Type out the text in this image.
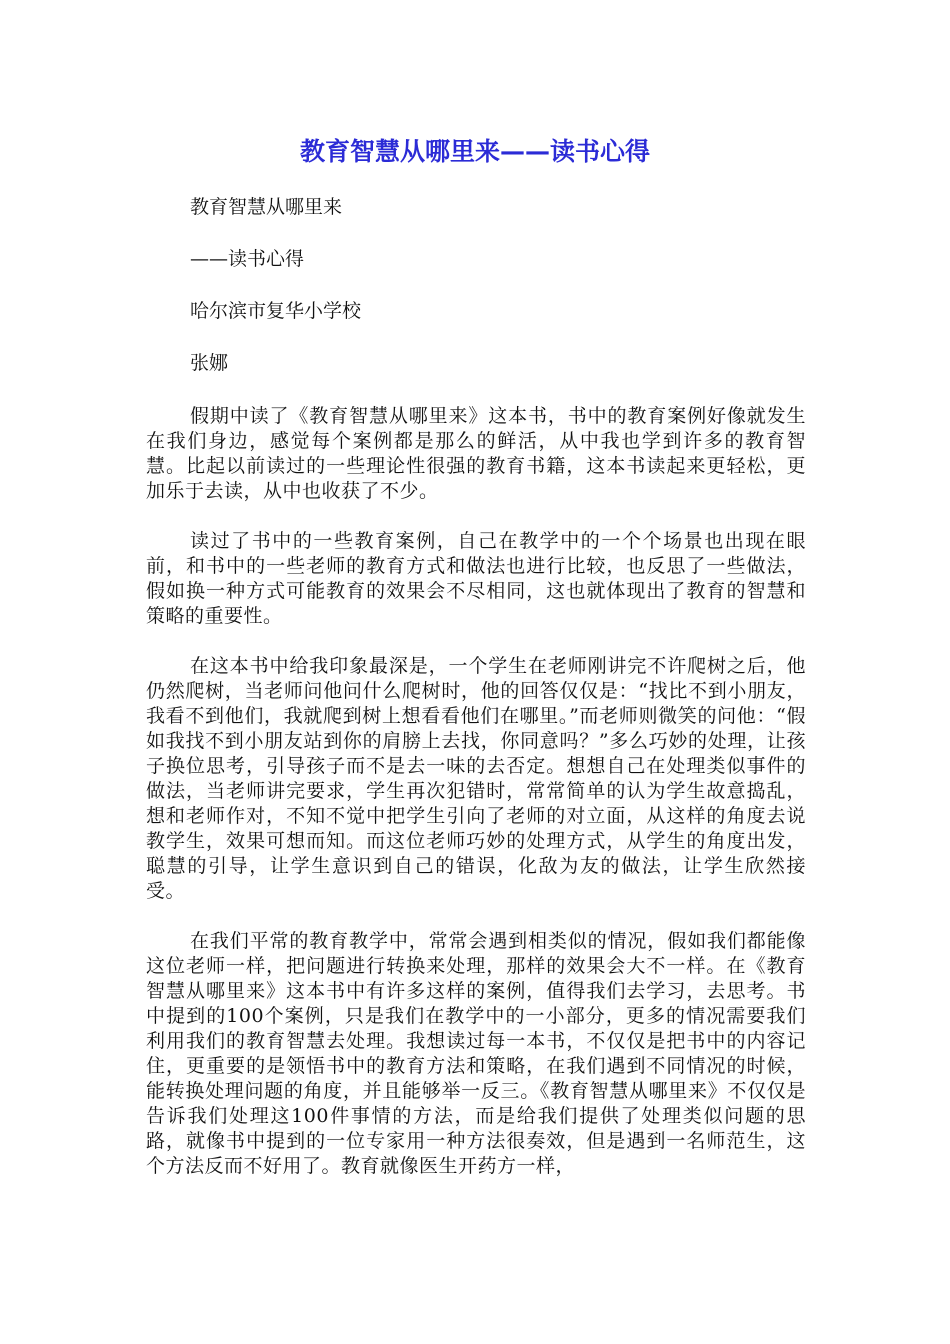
教育智慧从哪里来——读书心得

教育智慧从哪里来

——读书心得

哈尔滨市复华小学校

张娜

假期中读了《教育智慧从哪里来》这本书，书中的教育案例好像就发生在我们身边，感觉每个案例都是那么的鲜活，从中我也学到许多的教育智慧。比起以前读过的一些理论性很强的教育书籍，这本书读起来更轻松，更加乐于去读，从中也收获了不少。

读过了书中的一些教育案例，自己在教学中的一个个场景也出现在眼前，和书中的一些老师的教育方式和做法也进行比较，也反思了一些做法，假如换一种方式可能教育的效果会不尽相同，这也就体现出了教育的智慧和策略的重要性。

在这本书中给我印象最深是，一个学生在老师刚讲完不许爬树之后，他仍然爬树，当老师问他问什么爬树时，他的回答仅仅是：“找比不到小朋友，我看不到他们，我就爬到树上想看看他们在哪里。”而老师则微笑的问他：“假如我找不到小朋友站到你的肩膀上去找，你同意吗？”多么巧妙的处理，让孩子换位思考，引导孩子而不是去一味的去否定。想想自己在处理类似事件的做法，当老师讲完要求，学生再次犯错时，常常简单的认为学生故意捣乱，想和老师作对，不知不觉中把学生引向了老师的对立面，从这样的角度去说教学生，效果可想而知。而这位老师巧妙的处理方式，从学生的角度出发，聪慧的引导，让学生意识到自己的错误，化敌为友的做法，让学生欣然接受。

在我们平常的教育教学中，常常会遇到相类似的情况，假如我们都能像这位老师一样，把问题进行转换来处理，那样的效果会大不一样。在《教育智慧从哪里来》这本书中有许多这样的案例，值得我们去学习，去思考。书中提到的100个案例，只是我们在教学中的一小部分，更多的情况需要我们利用我们的教育智慧去处理。我想读过每一本书，不仅仅是把书中的内容记住，更重要的是领悟书中的教育方法和策略，在我们遇到不同情况的时候，能转换处理问题的角度，并且能够举一反三。《教育智慧从哪里来》不仅仅是告诉我们处理这100件事情的方法，而是给我们提供了处理类似问题的思路，就像书中提到的一位专家用一种方法很奏效，但是遇到一名师范生，这个方法反而不好用了。教育就像医生开药方一样，
